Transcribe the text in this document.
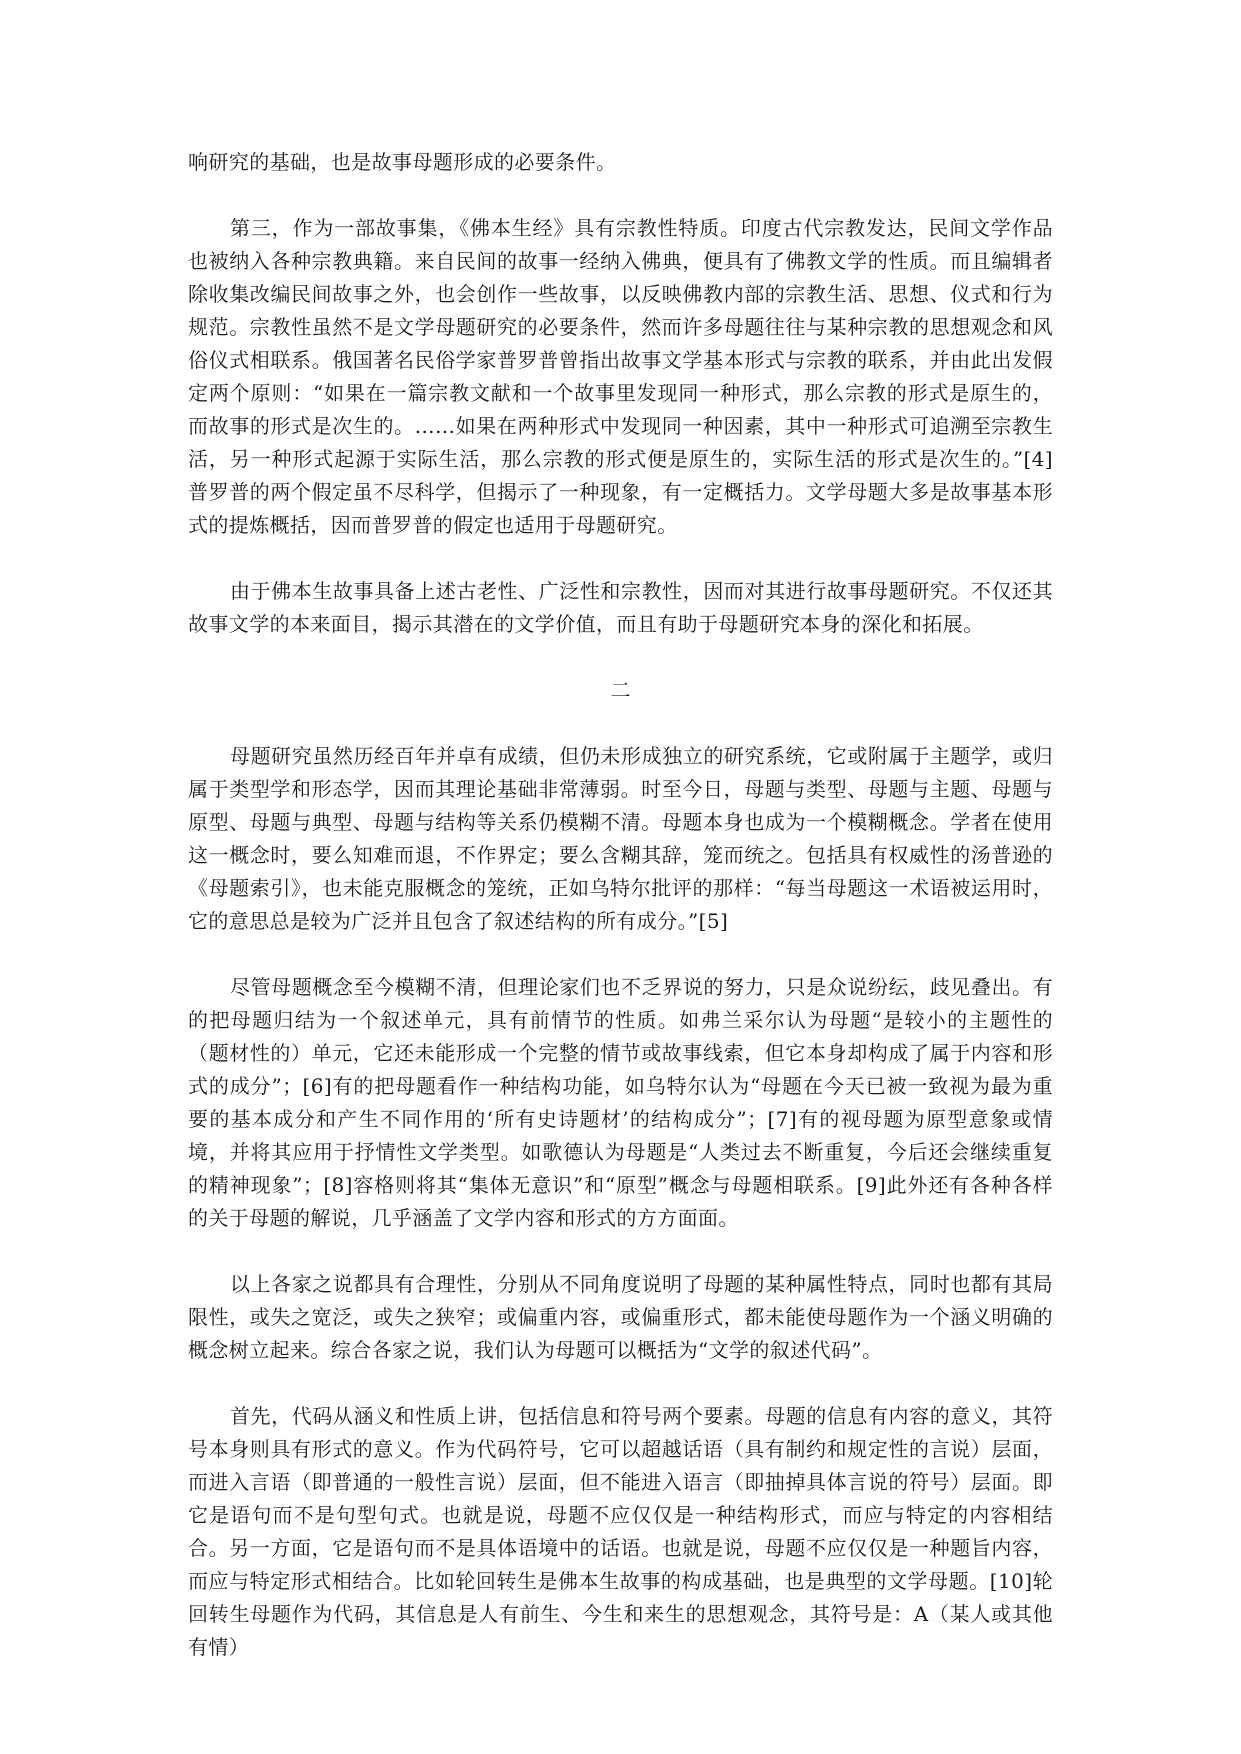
响研究的基础，也是故事母题形成的必要条件。

第三，作为一部故事集，《佛本生经》具有宗教性特质。印度古代宗教发达，民间文学作品也被纳入各种宗教典籍。来自民间的故事一经纳入佛典，便具有了佛教文学的性质。而且编辑者除收集改编民间故事之外，也会创作一些故事，以反映佛教内部的宗教生活、思想、仪式和行为规范。宗教性虽然不是文学母题研究的必要条件，然而许多母题往往与某种宗教的思想观念和风俗仪式相联系。俄国著名民俗学家普罗普曾指出故事文学基本形式与宗教的联系，并由此出发假定两个原则：“如果在一篇宗教文献和一个故事里发现同一种形式，那么宗教的形式是原生的，而故事的形式是次生的。……如果在两种形式中发现同一种因素，其中一种形式可追溯至宗教生活，另一种形式起源于实际生活，那么宗教的形式便是原生的，实际生活的形式是次生的。”[4]普罗普的两个假定虽不尽科学，但揭示了一种现象，有一定概括力。文学母题大多是故事基本形式的提炼概括，因而普罗普的假定也适用于母题研究。

由于佛本生故事具备上述古老性、广泛性和宗教性，因而对其进行故事母题研究。不仅还其故事文学的本来面目，揭示其潜在的文学价值，而且有助于母题研究本身的深化和拓展。

二

母题研究虽然历经百年并卓有成绩，但仍未形成独立的研究系统，它或附属于主题学，或归属于类型学和形态学，因而其理论基础非常薄弱。时至今日，母题与类型、母题与主题、母题与原型、母题与典型、母题与结构等关系仍模糊不清。母题本身也成为一个模糊概念。学者在使用这一概念时，要么知难而退，不作界定；要么含糊其辞，笼而统之。包括具有权威性的汤普逊的《母题索引》，也未能克服概念的笼统，正如乌特尔批评的那样：“每当母题这一术语被运用时，它的意思总是较为广泛并且包含了叙述结构的所有成分。”[5]

尽管母题概念至今模糊不清，但理论家们也不乏界说的努力，只是众说纷纭，歧见叠出。有的把母题归结为一个叙述单元，具有前情节的性质。如弗兰采尔认为母题“是较小的主题性的（题材性的）单元，它还未能形成一个完整的情节或故事线索，但它本身却构成了属于内容和形式的成分”；[6]有的把母题看作一种结构功能，如乌特尔认为“母题在今天已被一致视为最为重要的基本成分和产生不同作用的‘所有史诗题材’的结构成分”；[7]有的视母题为原型意象或情境，并将其应用于抒情性文学类型。如歌德认为母题是“人类过去不断重复，今后还会继续重复的精神现象”；[8]容格则将其“集体无意识”和“原型”概念与母题相联系。[9]此外还有各种各样的关于母题的解说，几乎涵盖了文学内容和形式的方方面面。

以上各家之说都具有合理性，分别从不同角度说明了母题的某种属性特点，同时也都有其局限性，或失之宽泛，或失之狭窄；或偏重内容，或偏重形式，都未能使母题作为一个涵义明确的概念树立起来。综合各家之说，我们认为母题可以概括为“文学的叙述代码”。

首先，代码从涵义和性质上讲，包括信息和符号两个要素。母题的信息有内容的意义，其符号本身则具有形式的意义。作为代码符号，它可以超越话语（具有制约和规定性的言说）层面，而进入言语（即普通的一般性言说）层面，但不能进入语言（即抽掉具体言说的符号）层面。即它是语句而不是句型句式。也就是说，母题不应仅仅是一种结构形式，而应与特定的内容相结合。另一方面，它是语句而不是具体语境中的话语。也就是说，母题不应仅仅是一种题旨内容，而应与特定形式相结合。比如轮回转生是佛本生故事的构成基础，也是典型的文学母题。[10]轮回转生母题作为代码，其信息是人有前生、今生和来生的思想观念，其符号是：A（某人或其他有情）
